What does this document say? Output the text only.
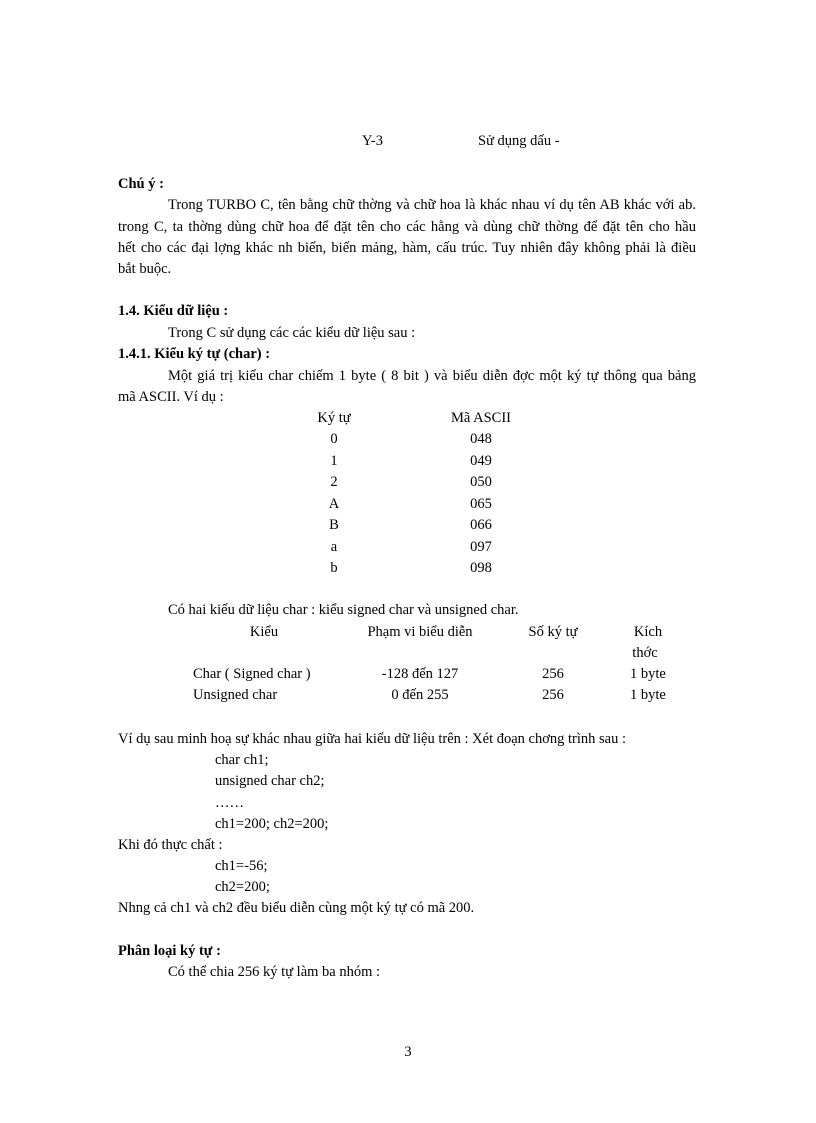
Y-3	Sử dụng dấu -
Chú ý :
Trong TURBO C, tên bằng chữ thờng và chữ hoa là khác nhau ví dụ tên AB khác với ab.
trong C, ta thờng dùng chữ hoa để đặt tên cho các hằng và dùng chữ thờng để đặt tên cho hầu
hết cho các đại lợng khác nh biến, biến mảng, hàm, cấu trúc. Tuy nhiên đây không phải là điều
bắt buộc.
1.4. Kiểu dữ liệu :
Trong C sử dụng các các kiểu dữ liệu sau :
1.4.1. Kiểu ký tự (char) :
Một giá trị kiểu char chiếm 1 byte ( 8 bit ) và biểu diễn đợc một ký tự thông qua bảng
mã ASCII. Ví dụ :
Ký tự	Mã ASCII
0	048
1	049
2	050
A	065
B	066
a	097
b	098
Có hai kiểu dữ liệu char : kiểu signed char và unsigned char.
Kiểu	Phạm vi biểu diễn	Số ký tự	Kích
thớc
Char ( Signed char )	-128 đến 127	256	1 byte
Unsigned char	0 đến 255	256	1 byte
Ví dụ sau minh hoạ sự khác nhau giữa hai kiểu dữ liệu trên : Xét đoạn chơng trình sau :
char ch1;
unsigned char ch2;
……
ch1=200; ch2=200;
Khi đó thực chất :
ch1=-56;
ch2=200;
Nhng cả ch1 và ch2 đều biểu diễn cùng một ký tự có mã 200.
Phân loại ký tự :
Có thể chia 256 ký tự làm ba nhóm :
3
